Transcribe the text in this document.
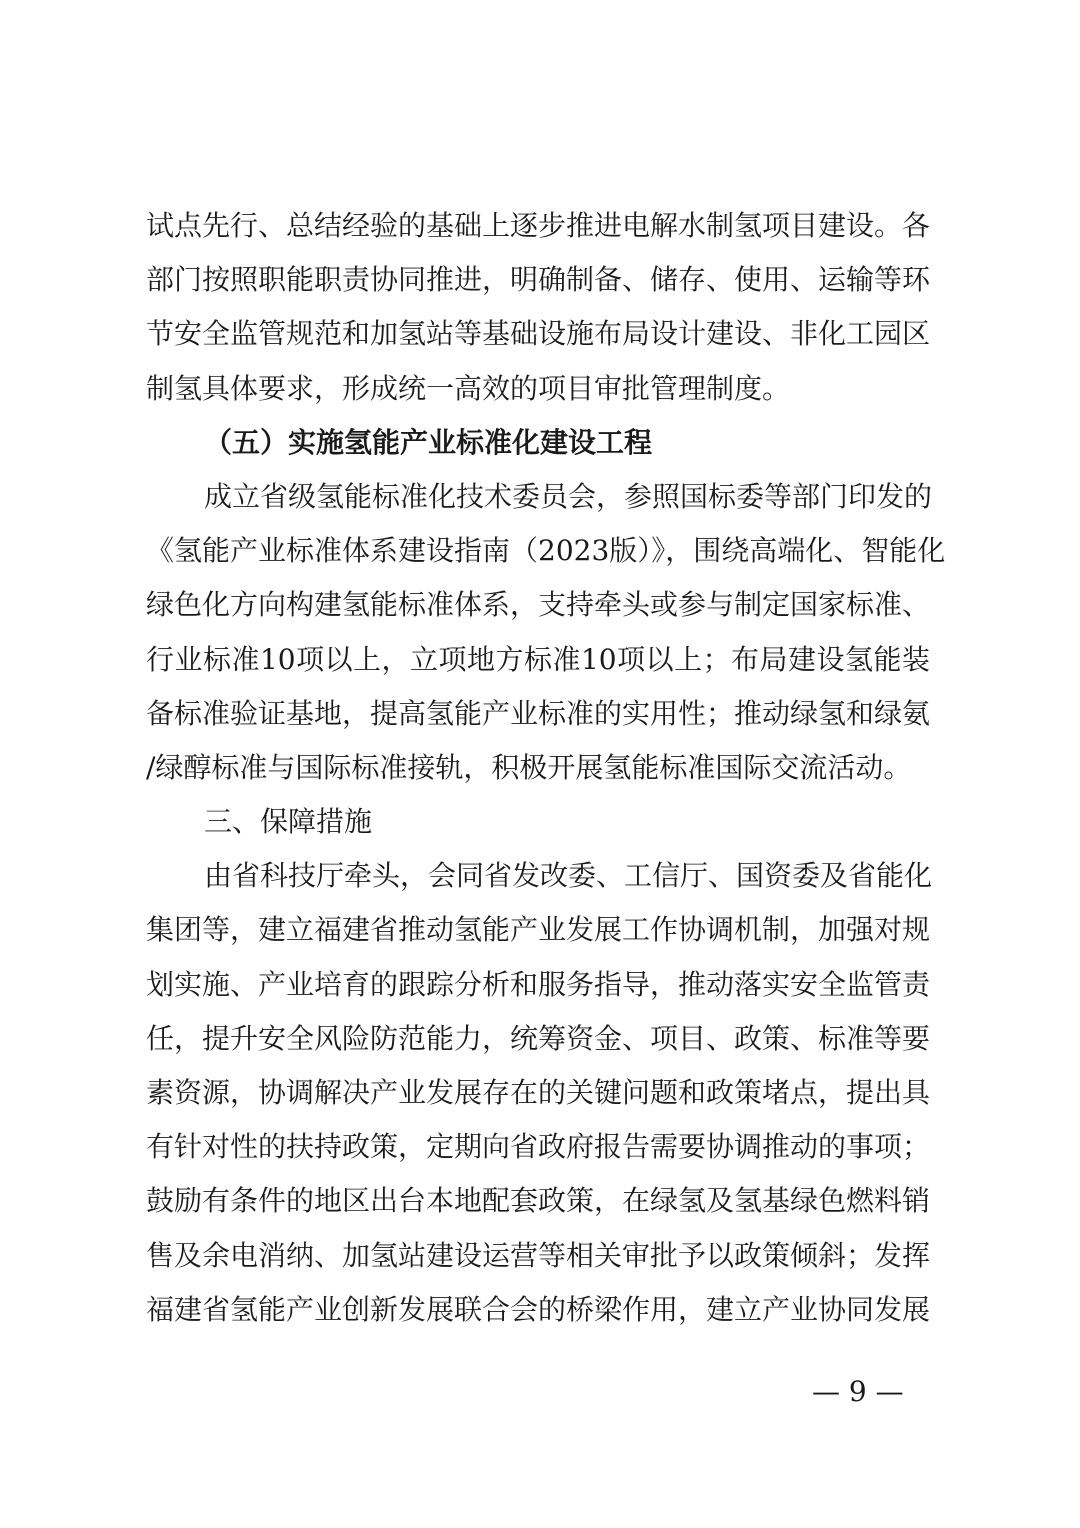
试点先行、总结经验的基础上逐步推进电解水制氢项目建设。各
部门按照职能职责协同推进，明确制备、储存、使用、运输等环
节安全监管规范和加氢站等基础设施布局设计建设、非化工园区
制氢具体要求，形成统一高效的项目审批管理制度。
（五）实施氢能产业标准化建设工程
成立省级氢能标准化技术委员会，参照国标委等部门印发的
《氢能产业标准体系建设指南（2023版）》，围绕高端化、智能化
绿色化方向构建氢能标准体系，支持牵头或参与制定国家标准、
行业标准10项以上，立项地方标准10项以上；布局建设氢能装
备标准验证基地，提高氢能产业标准的实用性；推动绿氢和绿氨
/绿醇标准与国际标准接轨，积极开展氢能标准国际交流活动。
三、保障措施
由省科技厅牵头，会同省发改委、工信厅、国资委及省能化
集团等，建立福建省推动氢能产业发展工作协调机制，加强对规
划实施、产业培育的跟踪分析和服务指导，推动落实安全监管责
任，提升安全风险防范能力，统筹资金、项目、政策、标准等要
素资源，协调解决产业发展存在的关键问题和政策堵点，提出具
有针对性的扶持政策，定期向省政府报告需要协调推动的事项；
鼓励有条件的地区出台本地配套政策，在绿氢及氢基绿色燃料销
售及余电消纳、加氢站建设运营等相关审批予以政策倾斜；发挥
福建省氢能产业创新发展联合会的桥梁作用，建立产业协同发展
— 9 —
